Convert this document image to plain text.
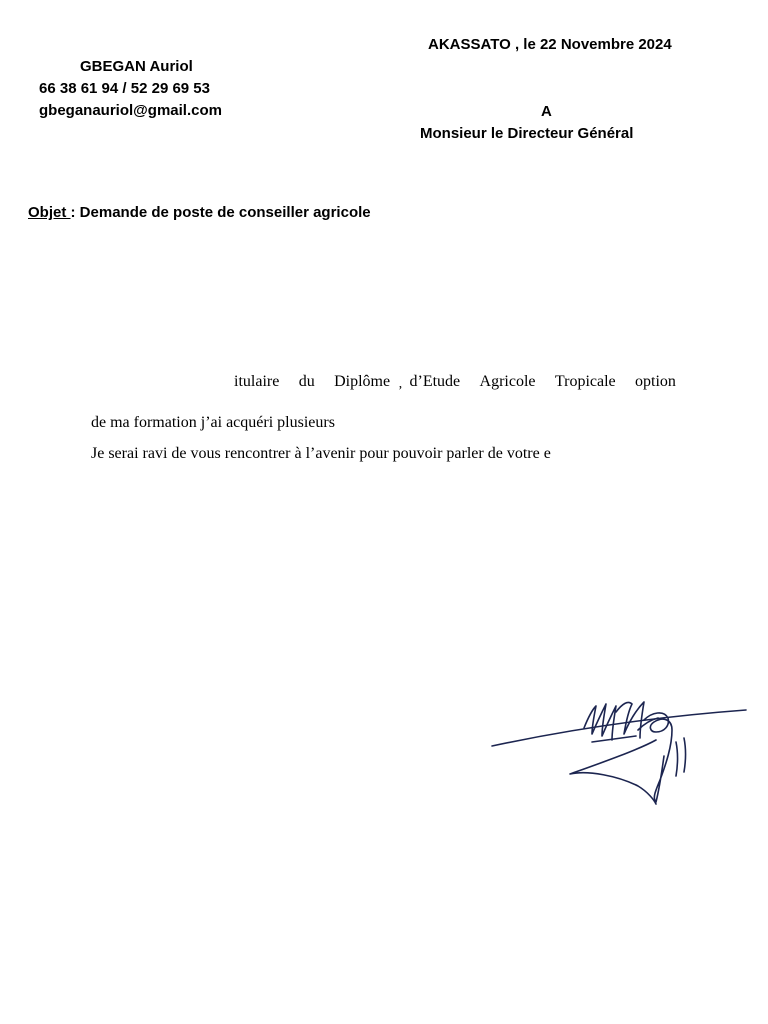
AKASSATO , le 22 Novembre 2024
GBEGAN Auriol
66 38 61 94 / 52 29 69 53
gbeganauriol@gmail.com	A
Monsieur le Directeur Général
Objet : Demande de poste de conseiller agricole
itulaire du Diplôme d’Etude Agricole Tropicale option
’
de ma formation j’ai acquéri plusieurs
Je serai ravi de vous rencontrer à l’avenir pour pouvoir parler de votre e
